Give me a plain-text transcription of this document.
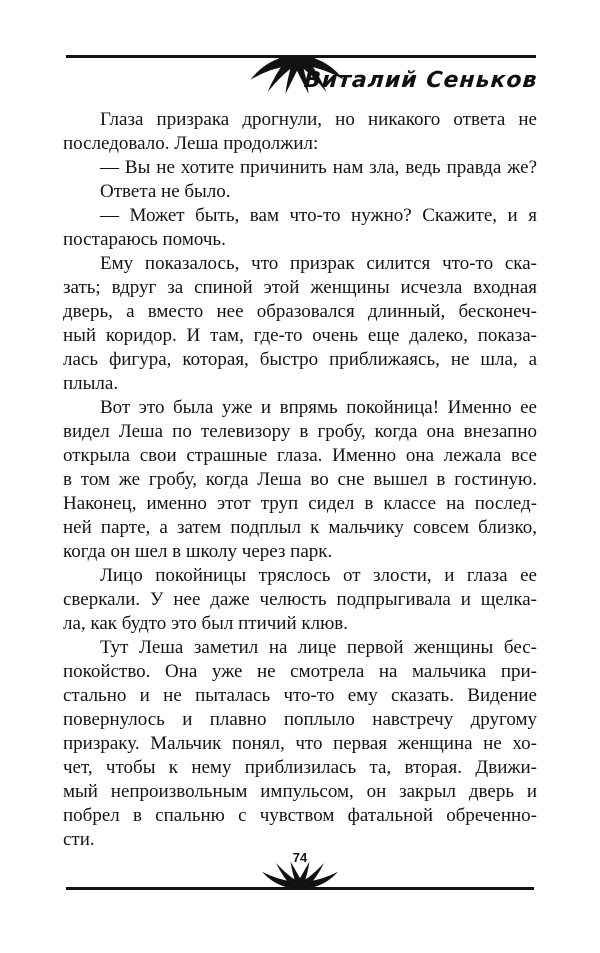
Виталий Сеньков
Глаза призрака дрогнули, но никакого ответа не
последовало. Леша продолжил:
— Вы не хотите причинить нам зла, ведь правда же?
Ответа не было.
— Может быть, вам что-то нужно? Скажите, и я
постараюсь помочь.
Ему показалось, что призрак силится что-то ска-
зать; вдруг за спиной этой женщины исчезла входная
дверь, а вместо нее образовался длинный, бесконеч-
ный коридор. И там, где-то очень еще далеко, показа-
лась фигура, которая, быстро приближаясь, не шла, а
плыла.
Вот это была уже и впрямь покойница! Именно ее
видел Леша по телевизору в гробу, когда она внезапно
открыла свои страшные глаза. Именно она лежала все
в том же гробу, когда Леша во сне вышел в гостиную.
Наконец, именно этот труп сидел в классе на послед-
ней парте, а затем подплыл к мальчику совсем близко,
когда он шел в школу через парк.
Лицо покойницы тряслось от злости, и глаза ее
сверкали. У нее даже челюсть подпрыгивала и щелка-
ла, как будто это был птичий клюв.
Тут Леша заметил на лице первой женщины бес-
покойство. Она уже не смотрела на мальчика при-
стально и не пыталась что-то ему сказать. Видение
повернулось и плавно поплыло навстречу другому
призраку. Мальчик понял, что первая женщина не хо-
чет, чтобы к нему приблизилась та, вторая. Движи-
мый непроизвольным импульсом, он закрыл дверь и
побрел в спальню с чувством фатальной обреченно-
сти.
74
